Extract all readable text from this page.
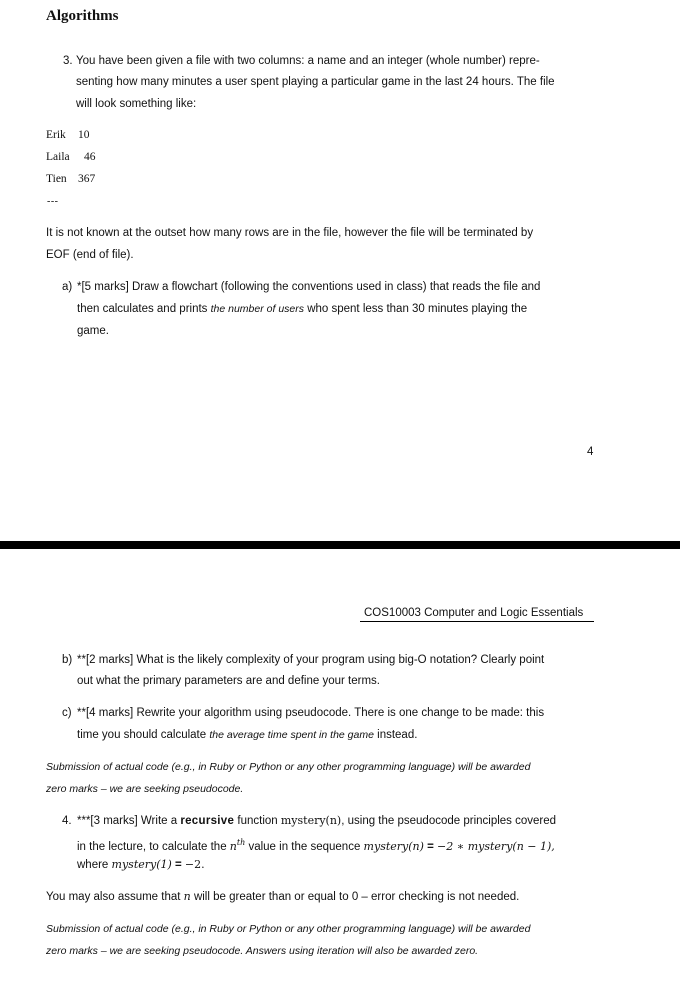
Algorithms
3. You have been given a file with two columns: a name and an integer (whole number) repre-
senting how many minutes a user spent playing a particular game in the last 24 hours. The file
will look something like:
Erik 10
Laila 46
Tien 367
- - -
It is not known at the outset how many rows are in the file, however the file will be terminated by
EOF (end of file).
a) *[5 marks] Draw a flowchart (following the conventions used in class) that reads the file and
then calculates and prints the number of users who spent less than 30 minutes playing the
game.
4
COS10003 Computer and Logic Essentials
b) **[2 marks] What is the likely complexity of your program using big-O notation? Clearly point
out what the primary parameters are and define your terms.
c) **[4 marks] Rewrite your algorithm using pseudocode. There is one change to be made: this
time you should calculate the average time spent in the game instead.
Submission of actual code (e.g., in Ruby or Python or any other programming language) will be awarded
zero marks – we are seeking pseudocode.
4. ***[3 marks] Write a recursive function mystery(n), using the pseudocode principles covered
in the lecture, to calculate the $n^{th}$ value in the sequence mystery(n) = −2 ∗ mystery(n − 1),
where mystery(1) = −2.
You may also assume that n will be greater than or equal to 0 – error checking is not needed.
Submission of actual code (e.g., in Ruby or Python or any other programming language) will be awarded
zero marks – we are seeking pseudocode. Answers using iteration will also be awarded zero.
